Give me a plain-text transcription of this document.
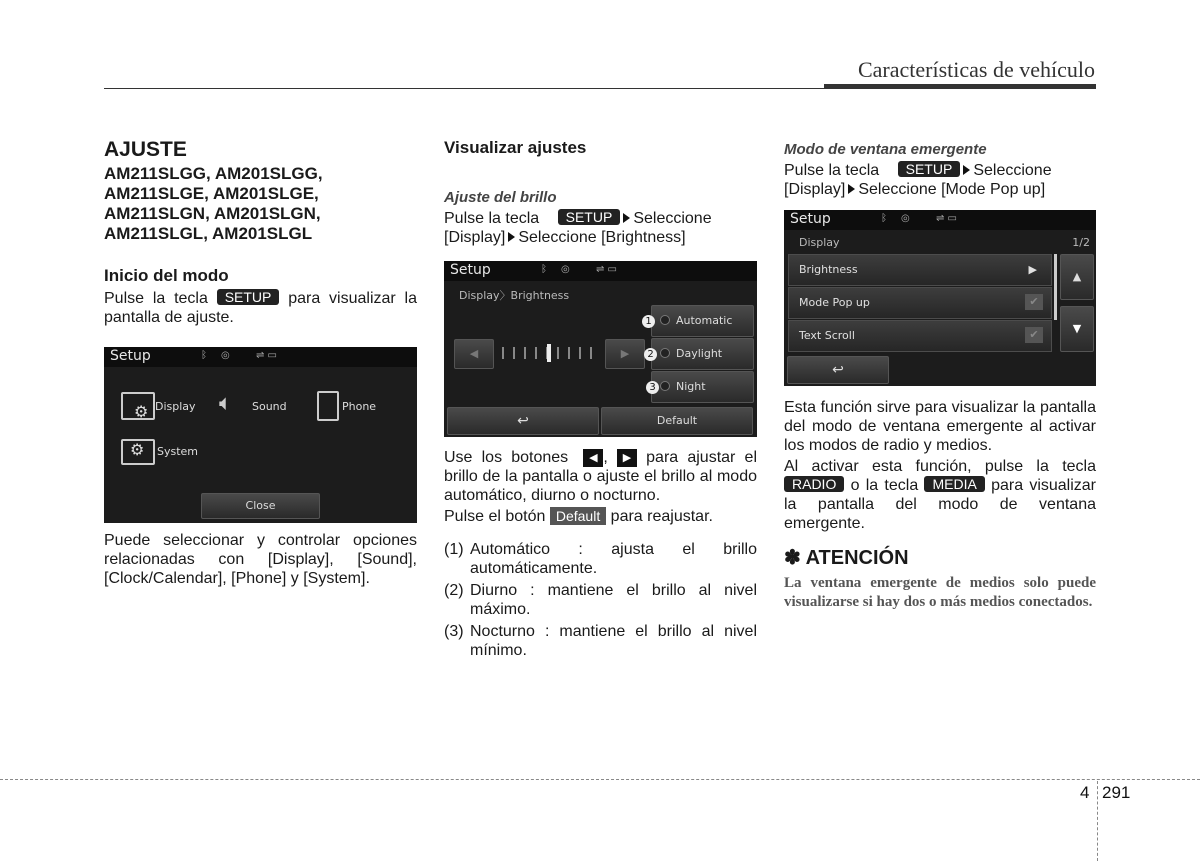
Características de vehículo
AJUSTE
AM211SLGG, AM201SLGG,
AM211SLGE, AM201SLGE,
AM211SLGN, AM201SLGN,
AM211SLGL, AM201SLGL
Inicio del modo
Pulse la tecla SETUP para visualizar la pantalla de ajuste.
Setup	ᛒ ◎	⇌ ▭
⚙ Display 🔈︎ Sound	Phone
⚙ System
Close
Puede seleccionar y controlar opciones relacionadas con [Display], [Sound], [Clock/Calendar], [Phone] y [System].
Visualizar ajustes
Ajuste del brillo
Pulse la tecla SETUP Seleccione
[Display] Seleccione [Brightness]
Setup	ᛒ ◎	⇌ ▭
Display〉Brightness
◀	▶
Automatic
Daylight
Night
1
2
3
↩	Default
Use los botones ◀ , ▶ para ajustar el brillo de la pantalla o ajuste el brillo al modo automático, diurno o nocturno.
Pulse el botón Default para reajustar.
(1) Automático : ajusta el brillo automáticamente.
(2) Diurno : mantiene el brillo al nivel máximo.
(3) Nocturno : mantiene el brillo al nivel mínimo.
Modo de ventana emergente
Pulse la tecla SETUP Seleccione
[Display] Seleccione [Mode Pop up]
Setup	ᛒ ◎	⇌ ▭
Display	1/2
Brightness	▶
Mode Pop up	✔
Text Scroll	✔
▲
▼
↩
Esta función sirve para visualizar la pantalla del modo de ventana emergente al activar los modos de radio y medios.
Al activar esta función, pulse la tecla RADIO o la tecla MEDIA para visualizar la pantalla del modo de ventana emergente.
✽ ATENCIÓN
La ventana emergente de medios solo puede visualizarse si hay dos o más medios conectados.
4 291
